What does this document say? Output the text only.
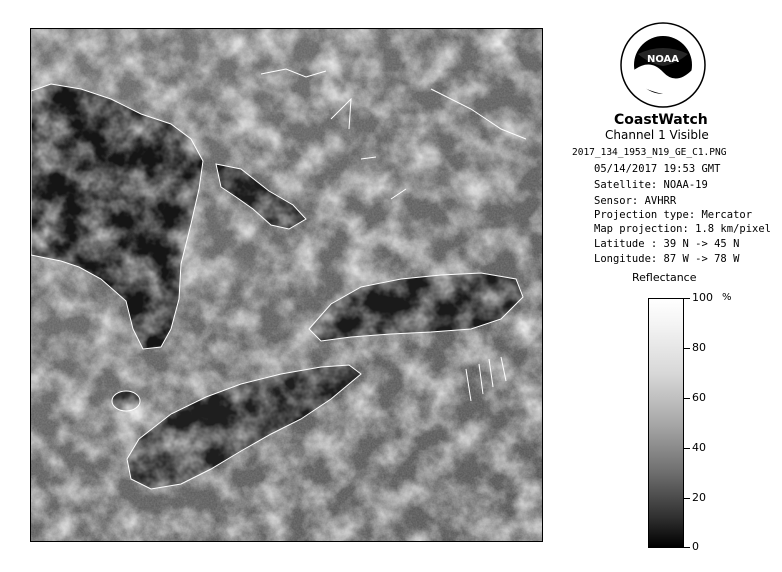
NOAA
CoastWatch
Channel 1 Visible
2017_134_1953_N19_GE_C1.PNG
05/14/2017 19:53 GMT
Satellite: NOAA-19
Sensor: AVHRR
Projection type: Mercator
Map projection: 1.8 km/pixel
Latitude : 39 N -> 45 N
Longitude: 87 W -> 78 W
Reflectance
%
100
80
60
40
20
0
